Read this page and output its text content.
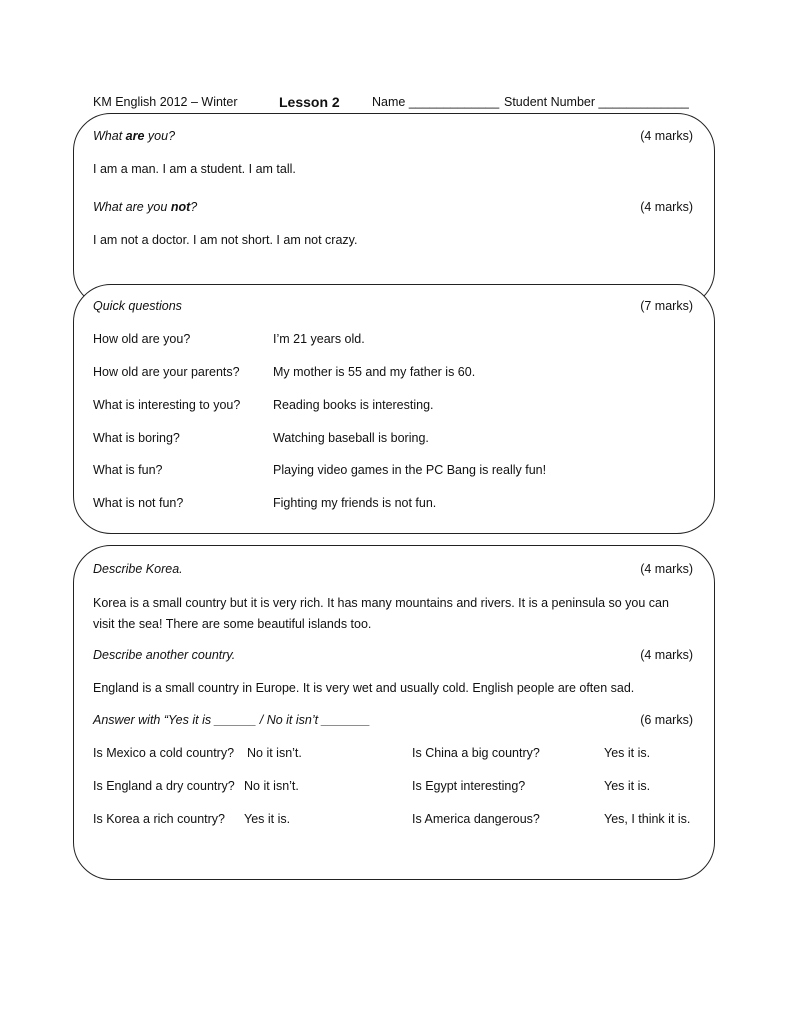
KM English 2012 – Winter	Lesson 2	Name _____________ Student Number _____________
What are you?	(4 marks)
I am a man. I am a student. I am tall.
What are you not?	(4 marks)
I am not a doctor. I am not short. I am not crazy.
Quick questions	(7 marks)
How old are you?	I’m 21 years old.
How old are your parents?	My mother is 55 and my father is 60.
What is interesting to you?	Reading books is interesting.
What is boring?	Watching baseball is boring.
What is fun?	Playing video games in the PC Bang is really fun!
What is not fun?	Fighting my friends is not fun.
Describe Korea.	(4 marks)
Korea is a small country but it is very rich. It has many mountains and rivers. It is a peninsula so you can visit the sea! There are some beautiful islands too.
Describe another country.	(4 marks)
England is a small country in Europe. It is very wet and usually cold. English people are often sad.
Answer with “Yes it is ______ / No it isn’t _______	(6 marks)
Is Mexico a cold country? No it isn’t.	Is China a big country?	Yes it is.
Is England a dry country? No it isn’t.	Is Egypt interesting?	Yes it is.
Is Korea a rich country? Yes it is.	Is America dangerous?	Yes, I think it is.
